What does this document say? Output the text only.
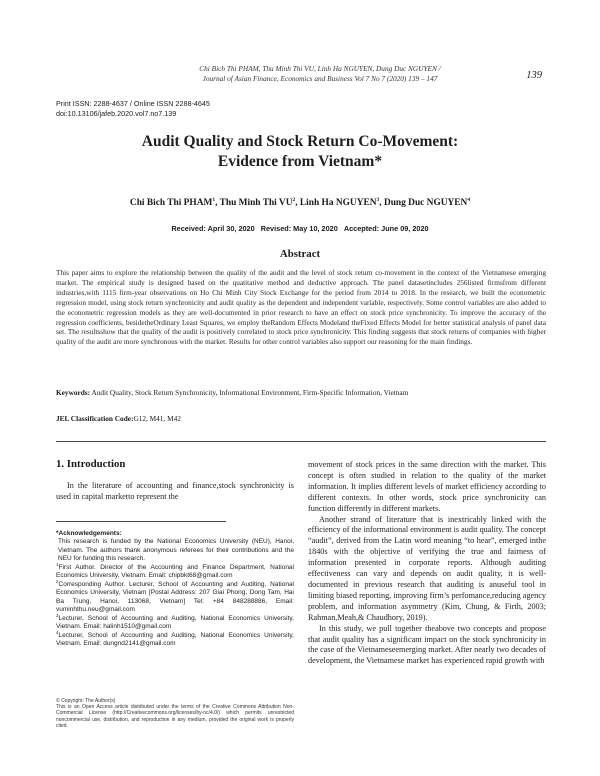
Chi Bich Thi PHAM, Thu Minh Thi VU, Linh Ha NGUYEN, Dung Duc NGUYEN /
Journal of Asian Finance, Economics and Business Vol 7 No 7 (2020) 139 – 147	139
Print ISSN: 2288-4637 / Online ISSN 2288-4645
doi:10.13106/jafeb.2020.vol7.no7.139
Audit Quality and Stock Return Co-Movement:
Evidence from Vietnam*
Chi Bich Thi PHAM$^1$, Thu Minh Thi $VU^2$, Linh Ha NGUYEN$^3$, Dung Duc NGUYEN$^4$
Received: April 30, 2020 Revised: May 10, 2020 Accepted: June 09, 2020
Abstract
This paper aims to explore the relationship between the quality of the audit and the level of stock return co-movement in the context of the Vietnamese emerging market. The empirical study is designed based on the quatitative method and deductive approach. The panel datasetincludes 256listed firmsfrom different industries,with 1115 firm-year observations on Ho Chi Minh City Stock Exchange for the period from 2014 to 2018. In the research, we built the econometric regression model, using stock return synchronicity and audit quality as the dependent and independent variable, respectively. Some control variables are also added to the econometric regression models as they are well-documented in prior research to have an effect on stock price synchronicity. To improve the accuracy of the regression coefficients, besidetheOrdinary Least Squares, we employ theRandom Effects Modeland theFixed Effects Model for better statistical analysis of panel data set. The resultsshow that the quality of the audit is positively correlated to stock price synchronicity. This finding suggests that stock returns of companies with higher quality of the audit are more synchronous with the market. Results for other control variables also support our reasoning for the main findings.
Keywords: Audit Quality, Stock Return Synchronicity, Informational Environment, Firm-Specific Information, Vietnam
JEL Classification Code:G12, M41, M42
1. Introduction

In the literature of accounting and finance,stock synchronicity is used in capital marketto represent the

*Acknowledgements:

This research is funded by the National Economics University (NEU), Hanoi, Vietnam. The authors thank anonymous referees for their contributions and the NEU for funding this research.

$^1$First Author. Director of the Accounting and Finance Department, National Economics University, Vietnam. Email: chipbkt68@gmail.com

$^2$Corresponding Author. Lecturer, School of Accounting and Auditing, National Economics University, Vietnam [Postal Address: 207 Giai Phong, Dong Tam, Hai Ba Trung, Hanoi, 113068, Vietnam] Tel: +84 848288886, Email: vuminhthu.neu@gmail.com

$^3$Lecturer, School of Accounting and Auditing, National Economics University, Vietnam. Email: halinh1510@gmail.com

$^4$Lecturer, School of Accounting and Auditing, National Economics University, Vietnam. Email: dungnd2141@gmail.com

© Copyright: The Author(s)
This is an Open Access article distributed under the terms of the Creative Commons Attribution Non-Commercial License (http://Creativecommons.org/licenses/by-nc/4.0/) which permits unrestricted noncommercial use, distribution, and reproduction in any medium, provided the original work is properly cited.

movement of stock prices in the same direction with the market. This concept is often studied in relation to the quality of the market information. It implies different levels of market efficiency according to different contexts. In other words, stock price synchronicity can function differently in different markets.

Another strand of literature that is inextricably linked with the efficiency of the informational environment is audit quality. The concept “audit”, derived from the Latin word meaning “to hear”, emerged inthe 1840s with the objective of verifying the true and fairness of information presented in corporate reports. Although auditing effectiveness can vary and depends on audit quality, it is well-documented in previous research that auditing is anuseful tool in limiting biased reporting, improving firm’s perfomance,reducing agency problem, and information asymmetry (Kim, Chung, & Firth, 2003; Rahman,Meah,& Chaudhory, 2019).

In this study, we pull together theabove two concepts and propose that audit quality has a significant impact on the stock synchronicity in the case of the Vietnameseemerging market. After nearly two decades of development, the Vietnamese market has experienced rapid growth with
